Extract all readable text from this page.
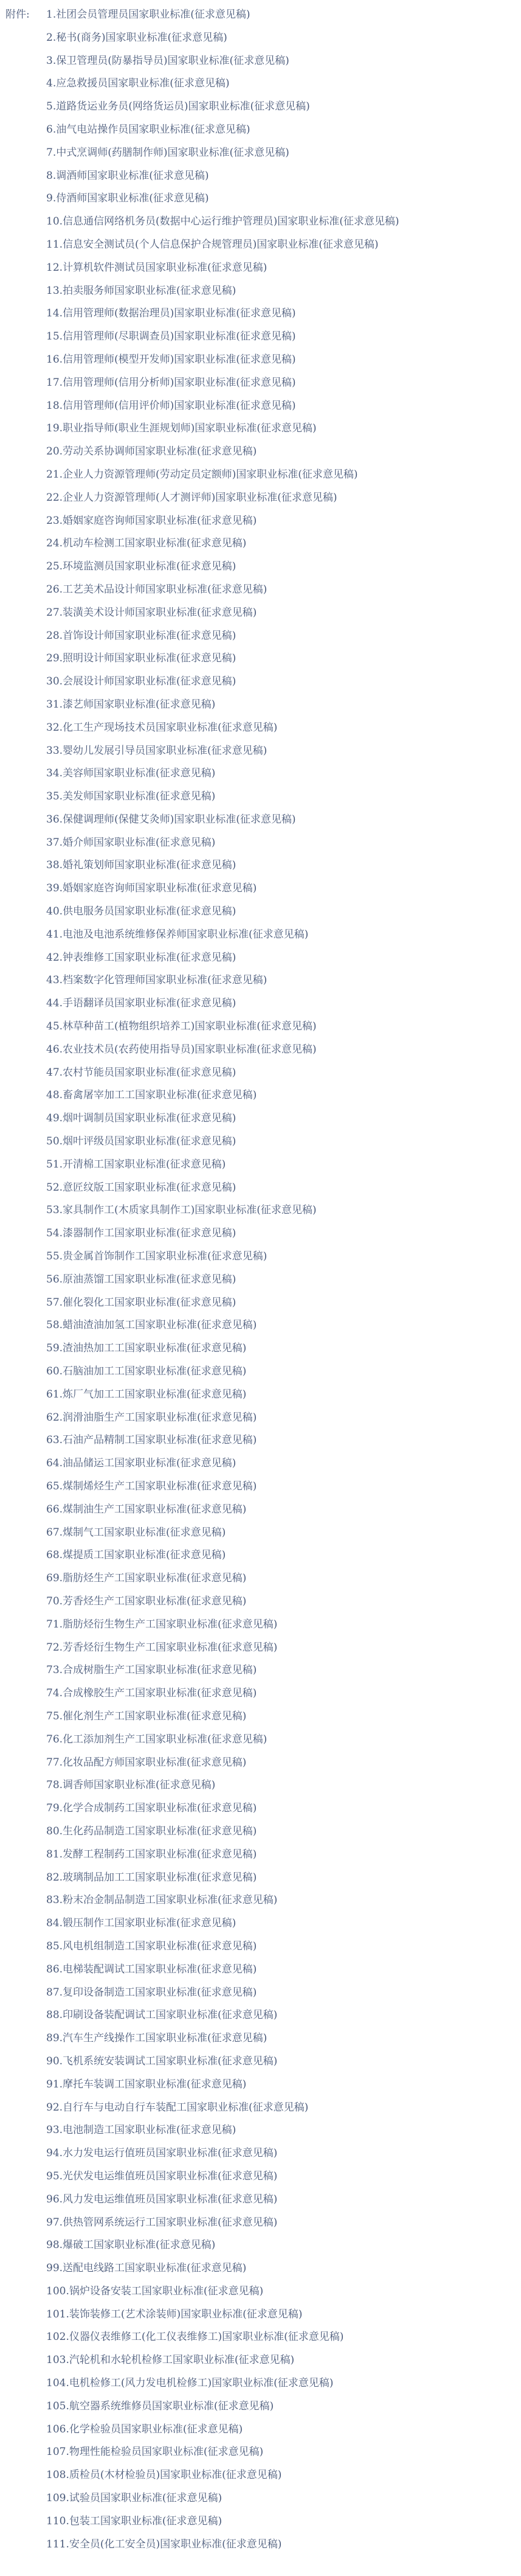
附件: 1.社团会员管理员国家职业标准(征求意见稿)
2.秘书(商务)国家职业标准(征求意见稿)
3.保卫管理员(防暴指导员)国家职业标准(征求意见稿)
4.应急救援员国家职业标准(征求意见稿)
5.道路货运业务员(网络货运员)国家职业标准(征求意见稿)
6.油气电站操作员国家职业标准(征求意见稿)
7.中式烹调师(药膳制作师)国家职业标准(征求意见稿)
8.调酒师国家职业标准(征求意见稿)
9.侍酒师国家职业标准(征求意见稿)
10.信息通信网络机务员(数据中心运行维护管理员)国家职业标准(征求意见稿)
11.信息安全测试员(个人信息保护合规管理员)国家职业标准(征求意见稿)
12.计算机软件测试员国家职业标准(征求意见稿)
13.拍卖服务师国家职业标准(征求意见稿)
14.信用管理师(数据治理员)国家职业标准(征求意见稿)
15.信用管理师(尽职调查员)国家职业标准(征求意见稿)
16.信用管理师(模型开发师)国家职业标准(征求意见稿)
17.信用管理师(信用分析师)国家职业标准(征求意见稿)
18.信用管理师(信用评价师)国家职业标准(征求意见稿)
19.职业指导师(职业生涯规划师)国家职业标准(征求意见稿)
20.劳动关系协调师国家职业标准(征求意见稿)
21.企业人力资源管理师(劳动定员定额师)国家职业标准(征求意见稿)
22.企业人力资源管理师(人才测评师)国家职业标准(征求意见稿)
23.婚姻家庭咨询师国家职业标准(征求意见稿)
24.机动车检测工国家职业标准(征求意见稿)
25.环境监测员国家职业标准(征求意见稿)
26.工艺美术品设计师国家职业标准(征求意见稿)
27.装潢美术设计师国家职业标准(征求意见稿)
28.首饰设计师国家职业标准(征求意见稿)
29.照明设计师国家职业标准(征求意见稿)
30.会展设计师国家职业标准(征求意见稿)
31.漆艺师国家职业标准(征求意见稿)
32.化工生产现场技术员国家职业标准(征求意见稿)
33.婴幼儿发展引导员国家职业标准(征求意见稿)
34.美容师国家职业标准(征求意见稿)
35.美发师国家职业标准(征求意见稿)
36.保健调理师(保健艾灸师)国家职业标准(征求意见稿)
37.婚介师国家职业标准(征求意见稿)
38.婚礼策划师国家职业标准(征求意见稿)
39.婚姻家庭咨询师国家职业标准(征求意见稿)
40.供电服务员国家职业标准(征求意见稿)
41.电池及电池系统维修保养师国家职业标准(征求意见稿)
42.钟表维修工国家职业标准(征求意见稿)
43.档案数字化管理师国家职业标准(征求意见稿)
44.手语翻译员国家职业标准(征求意见稿)
45.林草种苗工(植物组织培养工)国家职业标准(征求意见稿)
46.农业技术员(农药使用指导员)国家职业标准(征求意见稿)
47.农村节能员国家职业标准(征求意见稿)
48.畜禽屠宰加工工国家职业标准(征求意见稿)
49.烟叶调制员国家职业标准(征求意见稿)
50.烟叶评级员国家职业标准(征求意见稿)
51.开清棉工国家职业标准(征求意见稿)
52.意匠纹版工国家职业标准(征求意见稿)
53.家具制作工(木质家具制作工)国家职业标准(征求意见稿)
54.漆器制作工国家职业标准(征求意见稿)
55.贵金属首饰制作工国家职业标准(征求意见稿)
56.原油蒸馏工国家职业标准(征求意见稿)
57.催化裂化工国家职业标准(征求意见稿)
58.蜡油渣油加氢工国家职业标准(征求意见稿)
59.渣油热加工工国家职业标准(征求意见稿)
60.石脑油加工工国家职业标准(征求意见稿)
61.炼厂气加工工国家职业标准(征求意见稿)
62.润滑油脂生产工国家职业标准(征求意见稿)
63.石油产品精制工国家职业标准(征求意见稿)
64.油品储运工国家职业标准(征求意见稿)
65.煤制烯烃生产工国家职业标准(征求意见稿)
66.煤制油生产工国家职业标准(征求意见稿)
67.煤制气工国家职业标准(征求意见稿)
68.煤提质工国家职业标准(征求意见稿)
69.脂肪烃生产工国家职业标准(征求意见稿)
70.芳香烃生产工国家职业标准(征求意见稿)
71.脂肪烃衍生物生产工国家职业标准(征求意见稿)
72.芳香烃衍生物生产工国家职业标准(征求意见稿)
73.合成树脂生产工国家职业标准(征求意见稿)
74.合成橡胶生产工国家职业标准(征求意见稿)
75.催化剂生产工国家职业标准(征求意见稿)
76.化工添加剂生产工国家职业标准(征求意见稿)
77.化妆品配方师国家职业标准(征求意见稿)
78.调香师国家职业标准(征求意见稿)
79.化学合成制药工国家职业标准(征求意见稿)
80.生化药品制造工国家职业标准(征求意见稿)
81.发酵工程制药工国家职业标准(征求意见稿)
82.玻璃制品加工工国家职业标准(征求意见稿)
83.粉末冶金制品制造工国家职业标准(征求意见稿)
84.锻压制作工国家职业标准(征求意见稿)
85.风电机组制造工国家职业标准(征求意见稿)
86.电梯装配调试工国家职业标准(征求意见稿)
87.复印设备制造工国家职业标准(征求意见稿)
88.印刷设备装配调试工国家职业标准(征求意见稿)
89.汽车生产线操作工国家职业标准(征求意见稿)
90.飞机系统安装调试工国家职业标准(征求意见稿)
91.摩托车装调工国家职业标准(征求意见稿)
92.自行车与电动自行车装配工国家职业标准(征求意见稿)
93.电池制造工国家职业标准(征求意见稿)
94.水力发电运行值班员国家职业标准(征求意见稿)
95.光伏发电运维值班员国家职业标准(征求意见稿)
96.风力发电运维值班员国家职业标准(征求意见稿)
97.供热管网系统运行工国家职业标准(征求意见稿)
98.爆破工国家职业标准(征求意见稿)
99.送配电线路工国家职业标准(征求意见稿)
100.锅炉设备安装工国家职业标准(征求意见稿)
101.装饰装修工(艺术涂装师)国家职业标准(征求意见稿)
102.仪器仪表维修工(化工仪表维修工)国家职业标准(征求意见稿)
103.汽轮机和水轮机检修工国家职业标准(征求意见稿)
104.电机检修工(风力发电机检修工)国家职业标准(征求意见稿)
105.航空器系统维修员国家职业标准(征求意见稿)
106.化学检验员国家职业标准(征求意见稿)
107.物理性能检验员国家职业标准(征求意见稿)
108.质检员(木材检验员)国家职业标准(征求意见稿)
109.试验员国家职业标准(征求意见稿)
110.包装工国家职业标准(征求意见稿)
111.安全员(化工安全员)国家职业标准(征求意见稿)
